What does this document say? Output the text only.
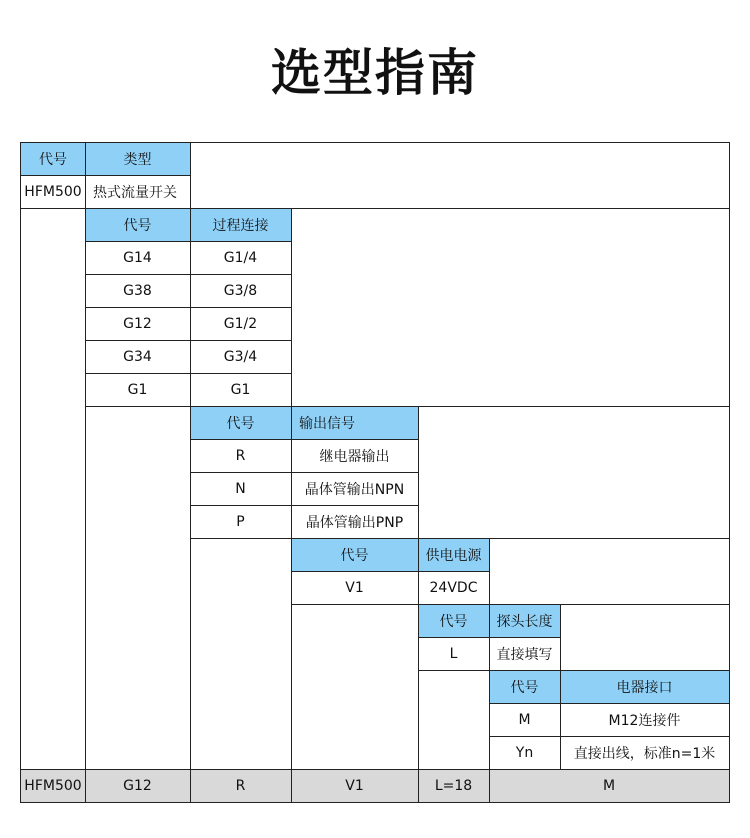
选型指南
代号	类型
HFM500 热式流量开关
代号	过程连接
G14	G1/4
G38	G3/8
G12	G1/2
G34	G3/4
G1	G1
代号	输出信号
R	继电器输出
N	晶体管输出NPN
P	晶体管输出PNP
代号	供电电源
V1	24VDC
代号	探头长度
L	直接填写
代号	电器接口
M	M12连接件
Yn	直接出线，标准n=1米
HFM500	G12	R	V1	L=18	M
